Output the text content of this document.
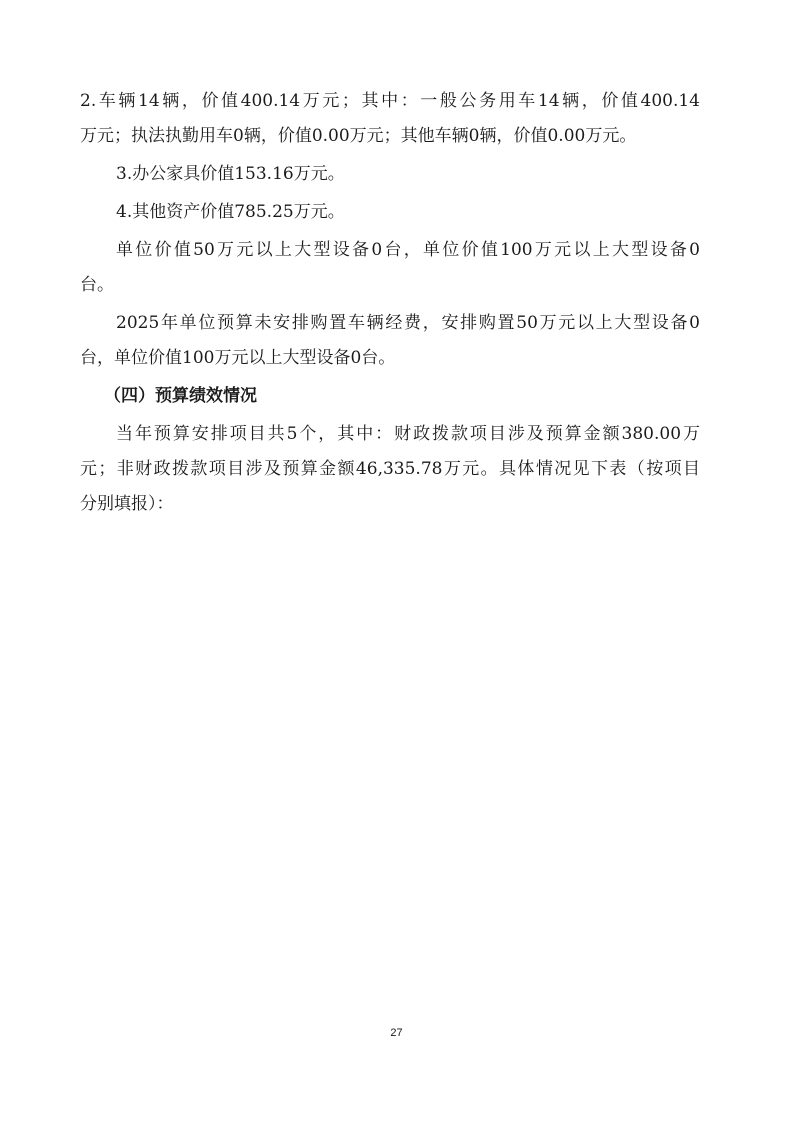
2.车辆14辆，价值400.14万元；其中：一般公务用车14辆，价值400.14
万元；执法执勤用车0辆，价值0.00万元；其他车辆0辆，价值0.00万元。
3.办公家具价值153.16万元。
4.其他资产价值785.25万元。
单位价值50万元以上大型设备0台，单位价值100万元以上大型设备0
台。
2025年单位预算未安排购置车辆经费，安排购置50万元以上大型设备0
台，单位价值100万元以上大型设备0台。
（四）预算绩效情况
当年预算安排项目共5个，其中：财政拨款项目涉及预算金额380.00万
元；非财政拨款项目涉及预算金额46,335.78万元。具体情况见下表（按项目
分别填报）：
27
